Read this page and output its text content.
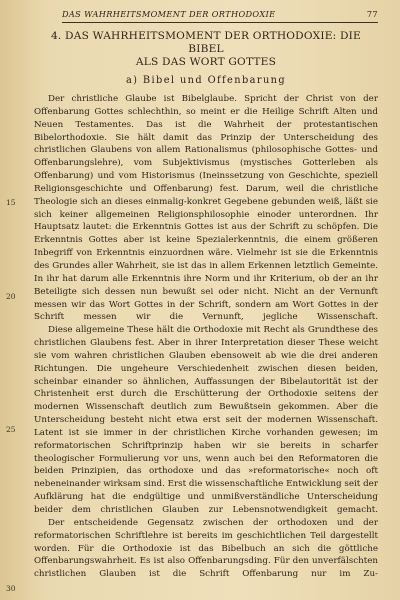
DAS WAHRHEITSMOMENT DER ORTHODOXIE	77
15
20
25
30
4. DAS WAHRHEITSMOMENT DER ORTHODOXIE: DIE BIBEL
ALS DAS WORT GOTTES
a) Bibel und Offenbarung

Der christliche Glaube ist Bibelglaube. Spricht der Christ von der Offenbarung Gottes schlechthin, so meint er die Heilige Schrift Alten und Neuen Testamentes. Das ist die Wahrheit der protestantischen Bibelorthodoxie. Sie hält damit das Prinzip der Unterscheidung des christlichen Glaubens von allem Rationalismus (philosophische Gottes- und Offenbarungslehre), vom Subjektivismus (mystisches Gotterleben als Offenbarung) und vom Historismus (Ineinssetzung von Geschichte, speziell Religionsgeschichte und Offenbarung) fest. Darum, weil die christliche Theologie sich an dieses einmalig-konkret Gegebene gebunden weiß, läßt sie sich keiner allgemeinen Religionsphilosophie einoder unterordnen. Ihr Hauptsatz lautet: die Erkenntnis Gottes ist aus der Schrift zu schöpfen. Die Erkenntnis Gottes aber ist keine Spezialerkenntnis, die einem größeren Inbegriff von Erkenntnis einzuordnen wäre. Vielmehr ist sie die Erkenntnis des Grundes aller Wahrheit, sie ist das in allem Erkennen letztlich Gemeinte. In ihr hat darum alle Erkenntnis ihre Norm und ihr Kriterium, ob der an ihr Beteiligte sich dessen nun bewußt sei oder nicht. Nicht an der Vernunft messen wir das Wort Gottes in der Schrift, sondern am Wort Gottes in der Schrift messen wir die Vernunft, jegliche Wissenschaft.

Diese allgemeine These hält die Orthodoxie mit Recht als Grundthese des christlichen Glaubens fest. Aber in ihrer Interpretation dieser These weicht sie vom wahren christlichen Glauben ebensoweit ab wie die drei anderen Richtungen. Die ungeheure Verschiedenheit zwischen diesen beiden, scheinbar einander so ähnlichen, Auffassungen der Bibelautorität ist der Christenheit erst durch die Erschütterung der Orthodoxie seitens der modernen Wissenschaft deutlich zum Bewußtsein gekommen. Aber die Unterscheidung besteht nicht etwa erst seit der modernen Wissenschaft. Latent ist sie immer in der christlichen Kirche vorhanden gewesen; im reformatorischen Schriftprinzip haben wir sie bereits in scharfer theologischer Formulierung vor uns, wenn auch bei den Reformatoren die beiden Prinzipien, das orthodoxe und das »reformatorische« noch oft nebeneinander wirksam sind. Erst die wissenschaftliche Entwicklung seit der Aufklärung hat die endgültige und unmißverständliche Unterscheidung beider dem christlichen Glauben zur Lebensnotwendigkeit gemacht.

Der entscheidende Gegensatz zwischen der orthodoxen und der reformatorischen Schriftlehre ist bereits im geschichtlichen Teil dargestellt worden. Für die Orthodoxie ist das Bibelbuch an sich die göttliche Offenbarungswahrheit. Es ist also Offenbarungsding. Für den unverfälschten christlichen Glauben ist die Schrift Offenbarung nur im Zu-
